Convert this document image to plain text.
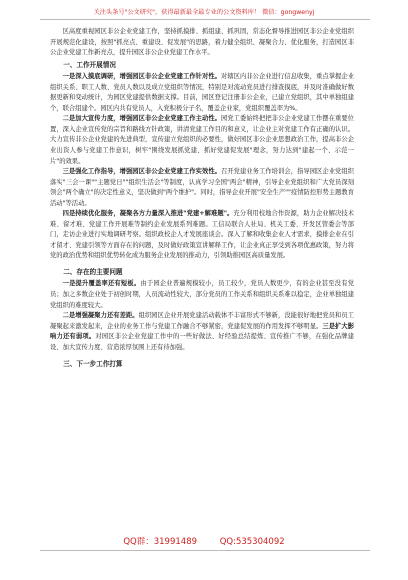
关注头条号"公文研究"，获得最新最全最专业的公文资料库！ 微信：gongwenyj

区高度重视园区非公企业党建工作，坚持抓摸排、抓组建、抓巩固，常态化督导推进园区非公企业党组织开展规范化建设，按照"抓亮点、重建设、促发展"的思路，着力健全组织、凝聚合力、优化服务，打造园区非公企业党建工作新亮点，提升园区非公企业党建工作水平。

一、工作开展情况

一是深入摸底调研，增强园区非公企业党建工作针对性。对辖区内非公企业进行信息收集，重点掌握企业组织关系、职工人数、党员人数以及成立党组织等情况，特别是对流动党员进行排查摸底，并及时准确做好数据更新和变动统计，为园区党建提供数据支撑。目前，园区登记注册非公企业，已建立党组织，其中单独组建个，联合组建个。园区内共有党员人，入党积极分子名，覆盖企业家，党组织覆盖率为%。

二是加大宣传力度，增强园区非公企业党建工作主动性。园党工委始终把把非公企业党建工作摆在重要位置，深入企业宣传党的宗旨和路线方针政策，讲清党建工作目的和意义，让企业主对党建工作有正确的认识。大力宣传非公企业党建的先进典型，宣传建立党组织的必要性，做好园区非公企业思想政治工作，提高非公企业出资人参与党建工作意识，树牢"围绕发展抓党建、抓好党建促发展"理念，努力达到"建起一个、示范一片"的效果。

三是强化工作指导，增强园区非公企业党建工作实效性。召开党建业务工作培训会，指导园区企业党组织落实"三会一课""主题党日""组织生活会"等制度，认真学习全国"两会"精神，引导企业党组织和广大党员深刻领会"两个确立"的决定性意义，坚决做到"两个维护"。同时，指导企业开展"安全生产""疫情防控形势主题教育活动"等活动。

四是持续优化服务，凝聚各方力量深入推进"党建+解难题"。充分利用校地合作资源，助力企业解决技术难、留才难、党建工作开展难等制约企业发展系列难题。工信局联合人社局、机关工委、开发区管委会等部门，走访企业进行实地调研考察。组织政校企人才发展座谈会。深入了解和收集企业人才需求，摸排企业在引才留才、党建引领等方面存在的问题，及时做好政策宣讲解释工作，让企业真正享受到各项优惠政策，努力将党的政治优势和组织优势转化成为服务企业发展的推动力，引领助推园区高质量发展。

二、存在的主要问题

一是提升覆盖率还有短板。由于园企业普遍规模较小，员工较少，党员人数更少，有的企业甚至没有党员；加之多数企业处于初创时期，人员流动性较大，部分党员的工作关系和组织关系难以稳定，企业单独组建党组织的难度较大。

二是增强凝聚力还有差距。组织园区企业开展党建活动载体不丰富形式不够新，没能很好地把党员和员工凝聚起来激发起来，企业的业务工作与党建工作融合不够紧密，党建促发展的作用发挥不够明显。三是扩大影响力还有弱项。对园区非公企业党建工作中的一些好做法、好经验总结提炼、宣传推广不够，在强化品牌建设、加大宣传力度、营造浓厚氛围上还有待加强。

三、下一步工作打算
QQ群：31991489	QQ:535304092
